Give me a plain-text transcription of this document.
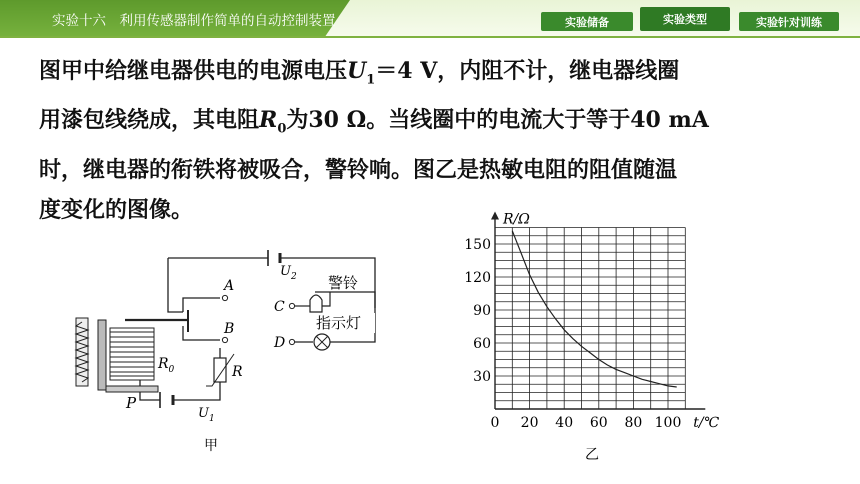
实验十六　利用传感器制作简单的自动控制装置	实验储备	实验类型	实验针对训练
图甲中给继电器供电的电源电压$U_1=4$ V，内阻不计，继电器线圈
用漆包线绕成，其电阻$R_0$为30 Ω。当线圈中的电流大于等于40 mA
时，继电器的衔铁将被吸合，警铃响。图乙是热敏电阻的阻值随温
度变化的图像。
$U_2$
A
B
C
D
警铃
指示灯
$R_0$
P
R
$U_1$
甲
0 20 40 60 80 100
30
60
90
120
150
R/Ω
t/℃
乙
